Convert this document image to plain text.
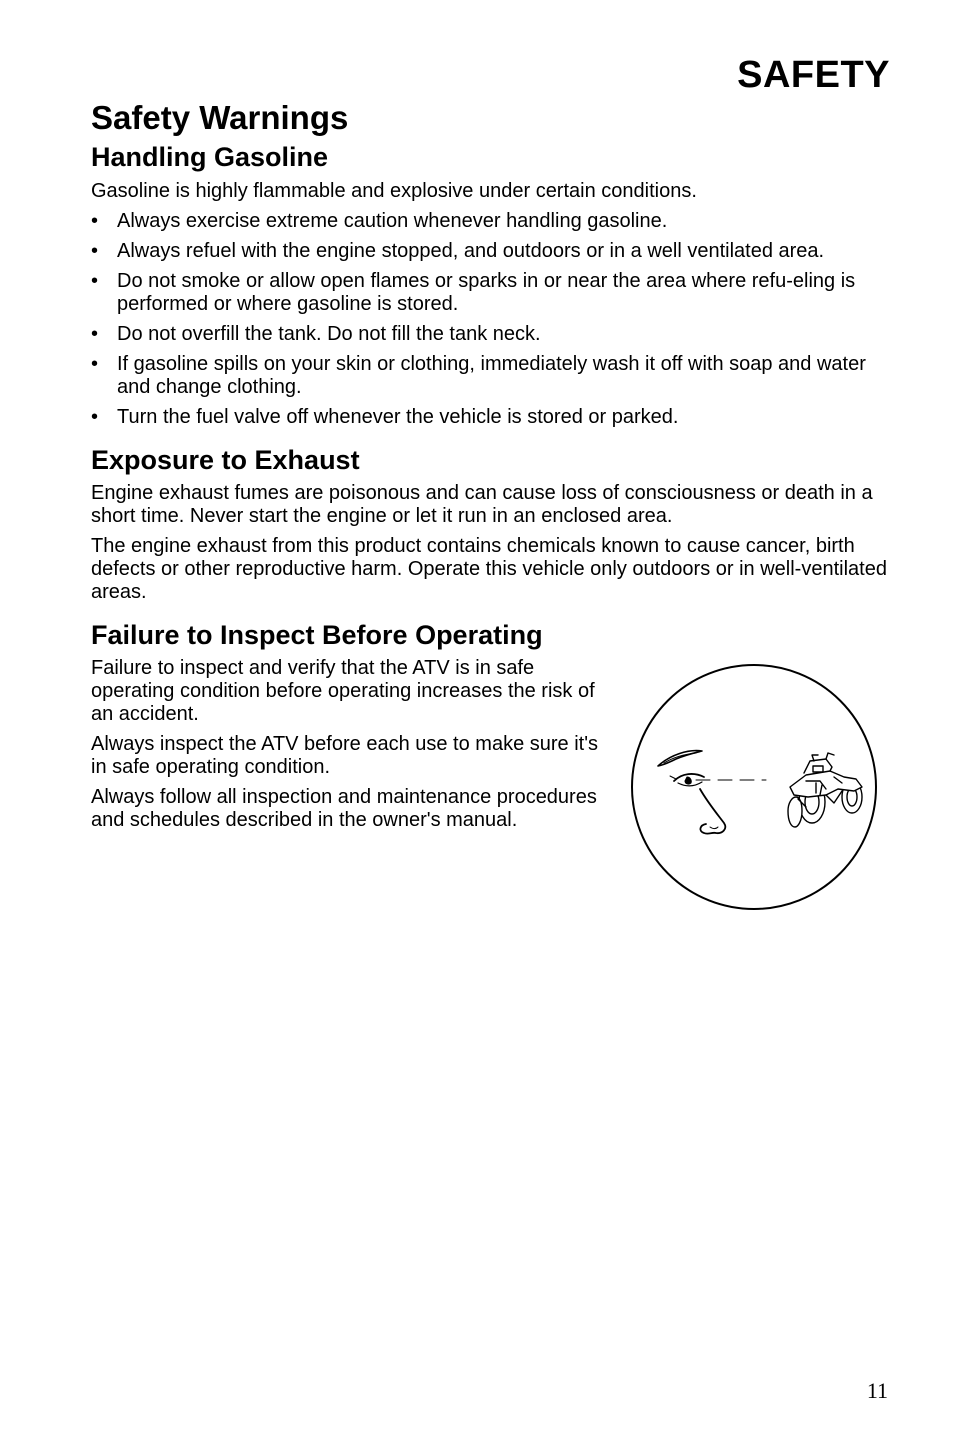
SAFETY
Safety Warnings
Handling Gasoline

Gasoline is highly flammable and explosive under certain conditions.

• Always exercise extreme caution whenever handling gasoline.
• Always refuel with the engine stopped, and outdoors or in a well ventilated area.
• Do not smoke or allow open flames or sparks in or near the area where refu-eling is performed or where gasoline is stored.
• Do not overfill the tank. Do not fill the tank neck.
• If gasoline spills on your skin or clothing, immediately wash it off with soap and water and change clothing.
• Turn the fuel valve off whenever the vehicle is stored or parked.
Exposure to Exhaust

Engine exhaust fumes are poisonous and can cause loss of consciousness or death in a short time. Never start the engine or let it run in an enclosed area.

The engine exhaust from this product contains chemicals known to cause cancer, birth defects or other reproductive harm. Operate this vehicle only outdoors or in well-ventilated areas.

Failure to Inspect Before Operating

Failure to inspect and verify that the ATV is in safe operating condition before operating increases the risk of an accident.

Always inspect the ATV before each use to make sure it's in safe operating condition.

Always follow all inspection and maintenance procedures and schedules described in the owner's manual.

11
